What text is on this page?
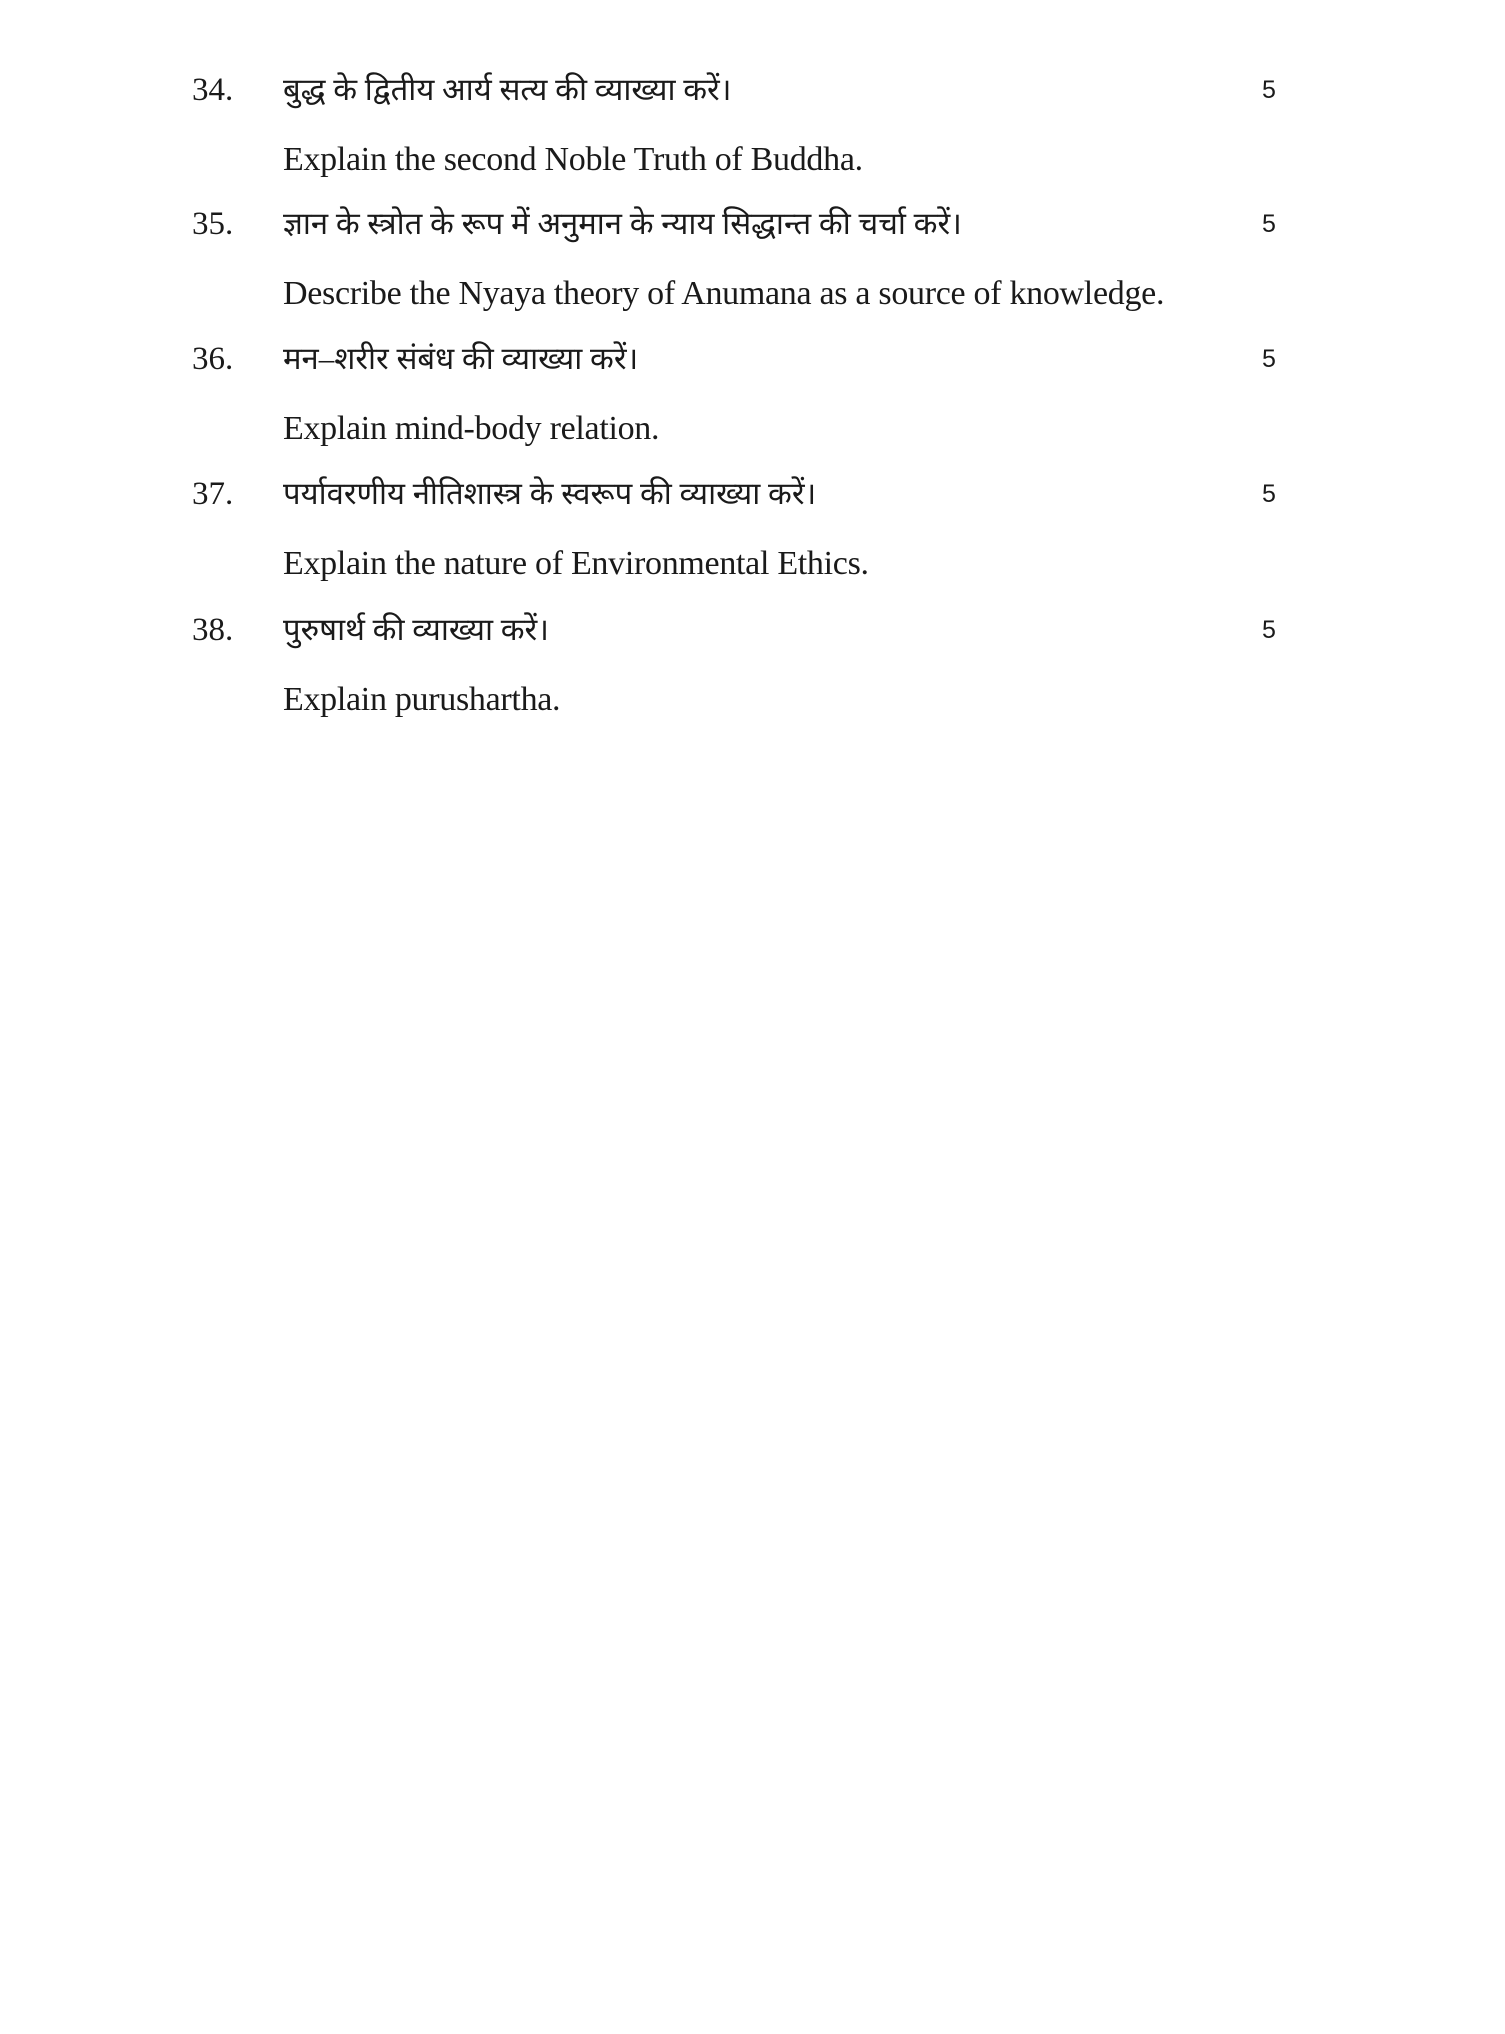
34. बुद्ध के द्वितीय आर्य सत्य की व्याख्या करें।	5
Explain the second Noble Truth of Buddha.
35. ज्ञान के स्त्रोत के रूप में अनुमान के न्याय सिद्धान्त की चर्चा करें।	5
Describe the Nyaya theory of Anumana as a source of knowledge.
36. मन–शरीर संबंध की व्याख्या करें।	5
Explain mind-body relation.
37. पर्यावरणीय नीतिशास्त्र के स्वरूप की व्याख्या करें।	5
Explain the nature of Environmental Ethics.
38. पुरुषार्थ की व्याख्या करें।	5
Explain purushartha.
